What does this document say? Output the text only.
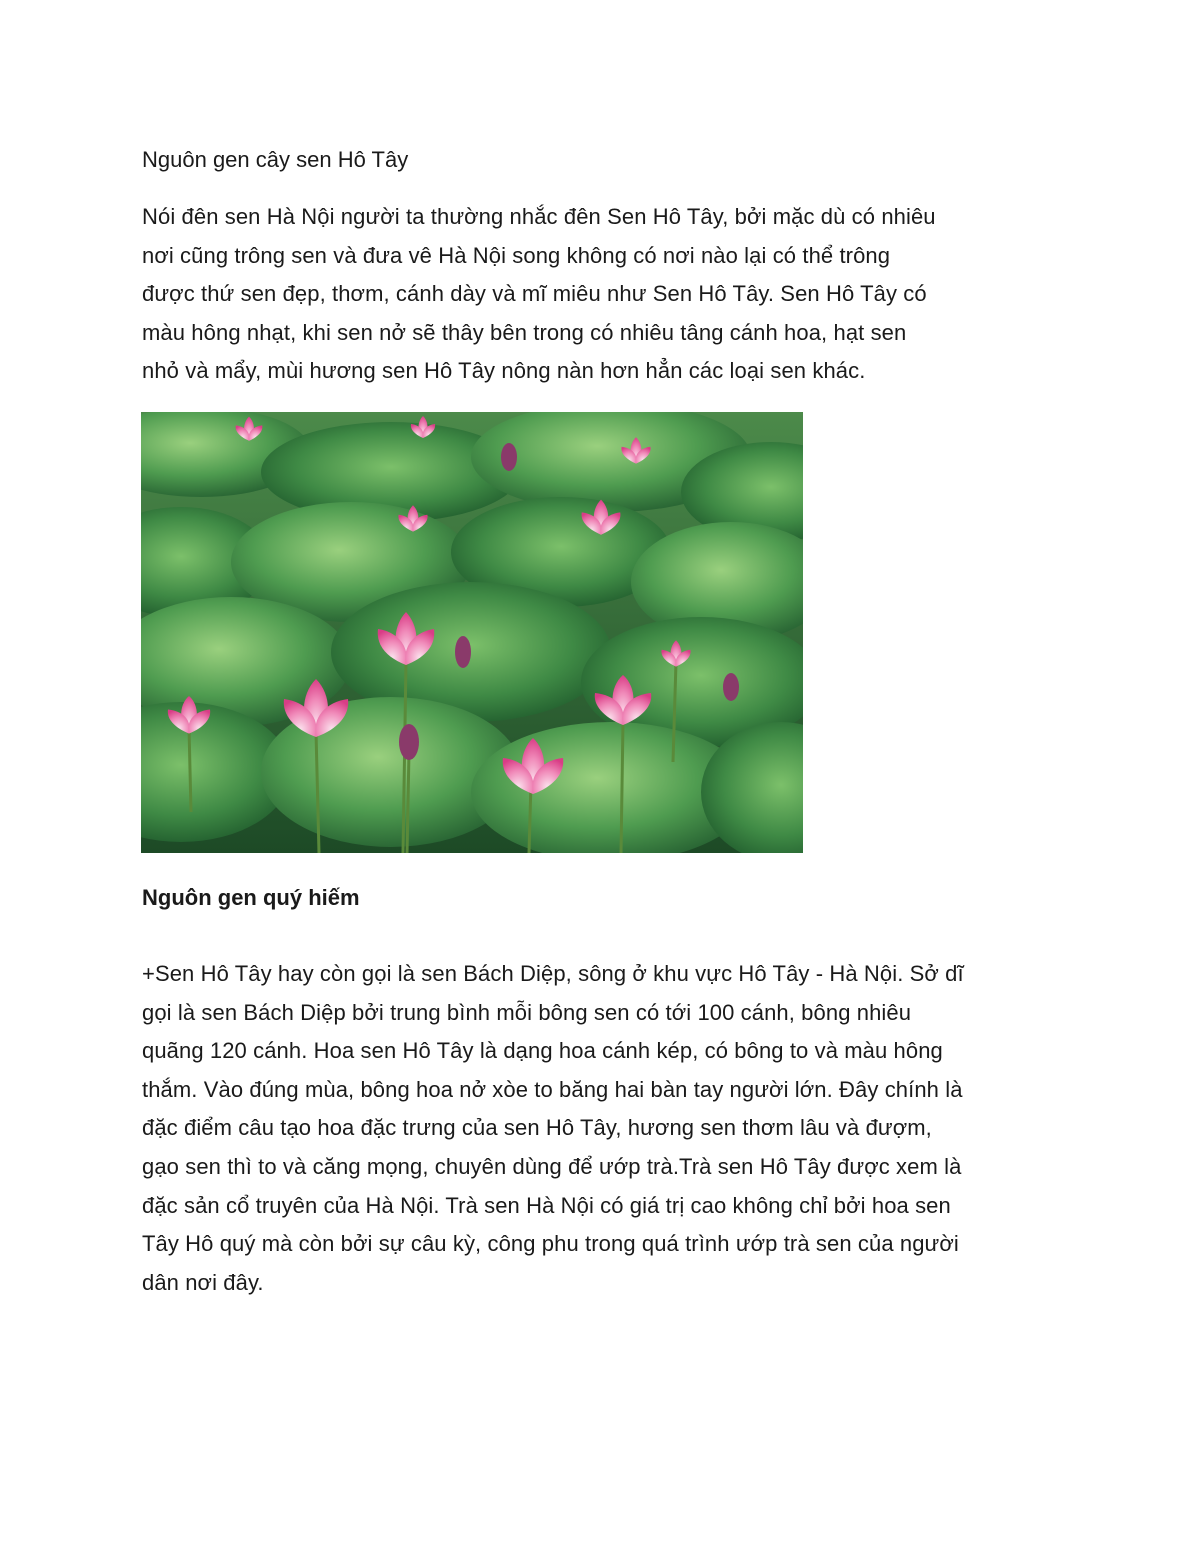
Nguôn gen cây sen Hô Tây

Nói đên sen Hà Nội người ta thường nhắc đên Sen Hô Tây, bởi mặc dù có nhiêu
nơi cũng trông sen và đưa vê Hà Nội song không có nơi nào lại có thể trông
được thứ sen đẹp, thơm, cánh dày và mĩ miêu như Sen Hô Tây. Sen Hô Tây có
màu hông nhạt, khi sen nở sẽ thây bên trong có nhiêu tâng cánh hoa, hạt sen
nhỏ và mẩy, mùi hương sen Hô Tây nông nàn hơn hẳn các loại sen khác.

Nguôn gen quý hiếm

+Sen Hô Tây hay còn gọi là sen Bách Diệp, sông ở khu vực Hô Tây - Hà Nội. Sở dĩ
gọi là sen Bách Diệp bởi trung bình mỗi bông sen có tới 100 cánh, bông nhiêu
quãng 120 cánh. Hoa sen Hô Tây là dạng hoa cánh kép, có bông to và màu hông
thắm. Vào đúng mùa, bông hoa nở xòe to băng hai bàn tay người lớn. Đây chính là
đặc điểm câu tạo hoa đặc trưng của sen Hô Tây, hương sen thơm lâu và đượm,
gạo sen thì to và căng mọng, chuyên dùng để ướp trà.Trà sen Hô Tây được xem là
đặc sản cổ truyên của Hà Nội. Trà sen Hà Nội có giá trị cao không chỉ bởi hoa sen
Tây Hô quý mà còn bởi sự câu kỳ, công phu trong quá trình ướp trà sen của người
dân nơi đây.
